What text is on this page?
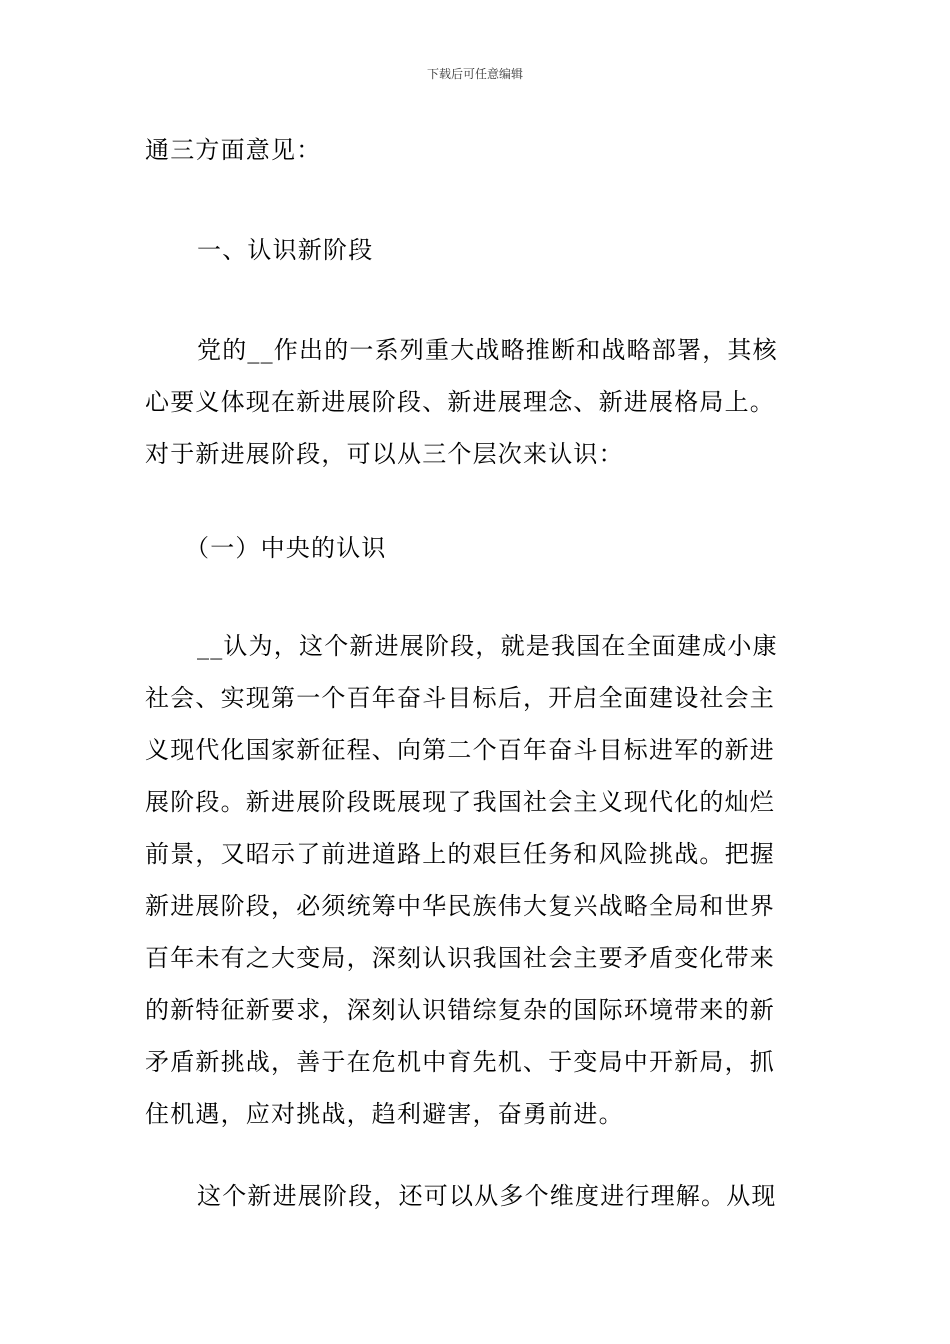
下载后可任意编辑

通三方面意见：

一、认识新阶段

党的__作出的一系列重大战略推断和战略部署，其核
心要义体现在新进展阶段、新进展理念、新进展格局上。
对于新进展阶段，可以从三个层次来认识：

（一）中央的认识

__认为，这个新进展阶段，就是我国在全面建成小康
社会、实现第一个百年奋斗目标后，开启全面建设社会主
义现代化国家新征程、向第二个百年奋斗目标进军的新进
展阶段。新进展阶段既展现了我国社会主义现代化的灿烂
前景，又昭示了前进道路上的艰巨任务和风险挑战。把握
新进展阶段，必须统筹中华民族伟大复兴战略全局和世界
百年未有之大变局，深刻认识我国社会主要矛盾变化带来
的新特征新要求，深刻认识错综复杂的国际环境带来的新
矛盾新挑战，善于在危机中育先机、于变局中开新局，抓
住机遇，应对挑战，趋利避害，奋勇前进。
这个新进展阶段，还可以从多个维度进行理解。从现
